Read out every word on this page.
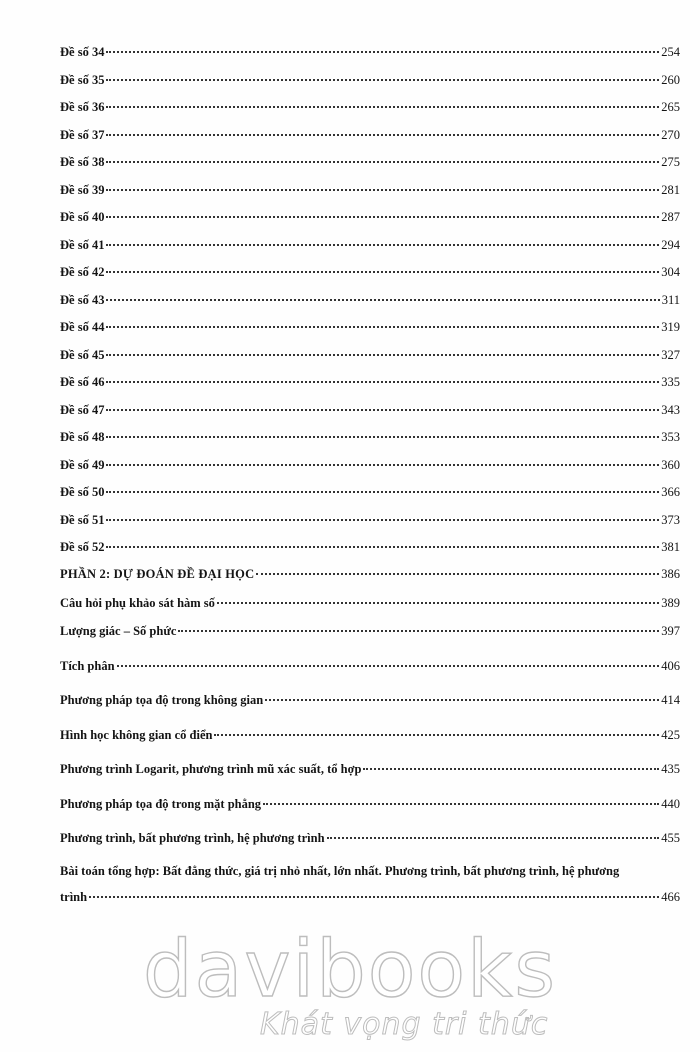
Đề số 34	254
Đề số 35	260
Đề số 36	265
Đề số 37	270
Đề số 38	275
Đề số 39	281
Đề số 40	287
Đề số 41	294
Đề số 42	304
Đề số 43	311
Đề số 44	319
Đề số 45	327
Đề số 46	335
Đề số 47	343
Đề số 48	353
Đề số 49	360
Đề số 50	366
Đề số 51	373
Đề số 52	381
PHẦN 2: DỰ ĐOÁN ĐỀ ĐẠI HỌC	386
Câu hỏi phụ khảo sát hàm số	389
Lượng giác – Số phức	397
Tích phân	406
Phương pháp tọa độ trong không gian	414
Hình học không gian cổ điển	425
Phương trình Logarit, phương trình mũ xác suất, tổ hợp	435
Phương pháp tọa độ trong mặt phẳng	440
Phương trình, bất phương trình, hệ phương trình	455
Bài toán tổng hợp: Bất đẳng thức, giá trị nhỏ nhất, lớn nhất. Phương trình, bất phương trình, hệ phương
trình	466
davibooks
Khát vọng tri thức
